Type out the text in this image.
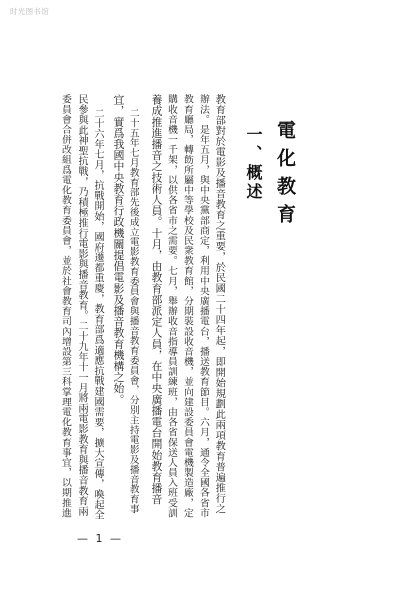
时光图书馆
電化教育
一、概述
教育部對於電影及播音教育之重要，於民國二十四年起，即開始規劃此兩項教育普遍推行之
辦法。是年五月，與中央黨部商定，利用中央廣播電台，播送教育節目。六月，通令全國各省市
教育廳局，轉飭所屬中等學校及民衆教育館，分期裝設收音機，並向建設委員會電機製造廠，定
購收音機一千架，以供各省市之需要。七月，舉辦收音指導員訓練班，由各省保送人員入班受訓
養成推進播音之技術人員。十月，由教育部派定人員，在中央廣播電台開始教育播音
二十五年七月教育部先後成立電影教育委員會與播音教育委員會，分別主持電影及播音教育事
宜，實爲我國中央教育行政機關提倡電影及播音教育機構之始。
二十六年七月，抗戰開始，國府遷都重慶，教育部爲適應抗戰建國需要，擴大宣傳，喚起全
民參與此神聖抗戰，乃積極推行電影與播音教育。二十九年十一月將兩電影教育與播音教育兩
委員會合併改組爲電化教育委員會，並於社會教育司內增設第三科掌理電化教育事宜，以期推進
— 1 —
